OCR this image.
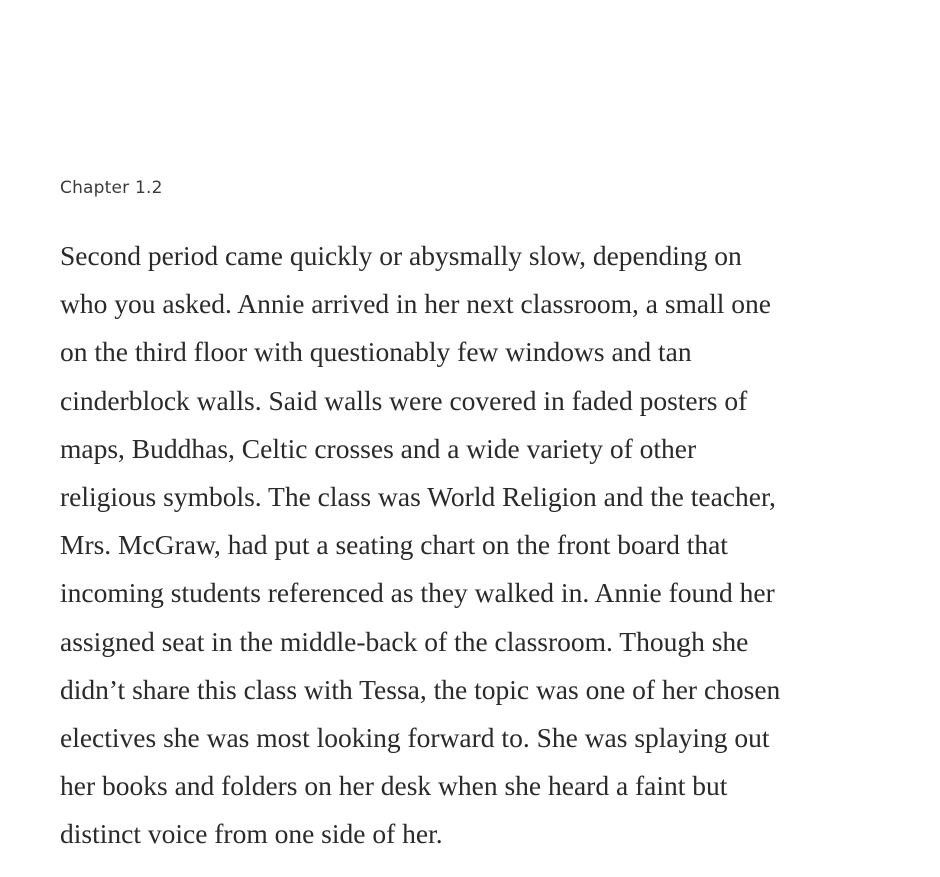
Chapter 1.2

Second period came quickly or abysmally slow, depending on
who you asked. Annie arrived in her next classroom, a small one
on the third floor with questionably few windows and tan
cinderblock walls. Said walls were covered in faded posters of
maps, Buddhas, Celtic crosses and a wide variety of other
religious symbols. The class was World Religion and the teacher,
Mrs. McGraw, had put a seating chart on the front board that
incoming students referenced as they walked in. Annie found her
assigned seat in the middle-back of the classroom. Though she
didn’t share this class with Tessa, the topic was one of her chosen
electives she was most looking forward to. She was splaying out
her books and folders on her desk when she heard a faint but
distinct voice from one side of her.
